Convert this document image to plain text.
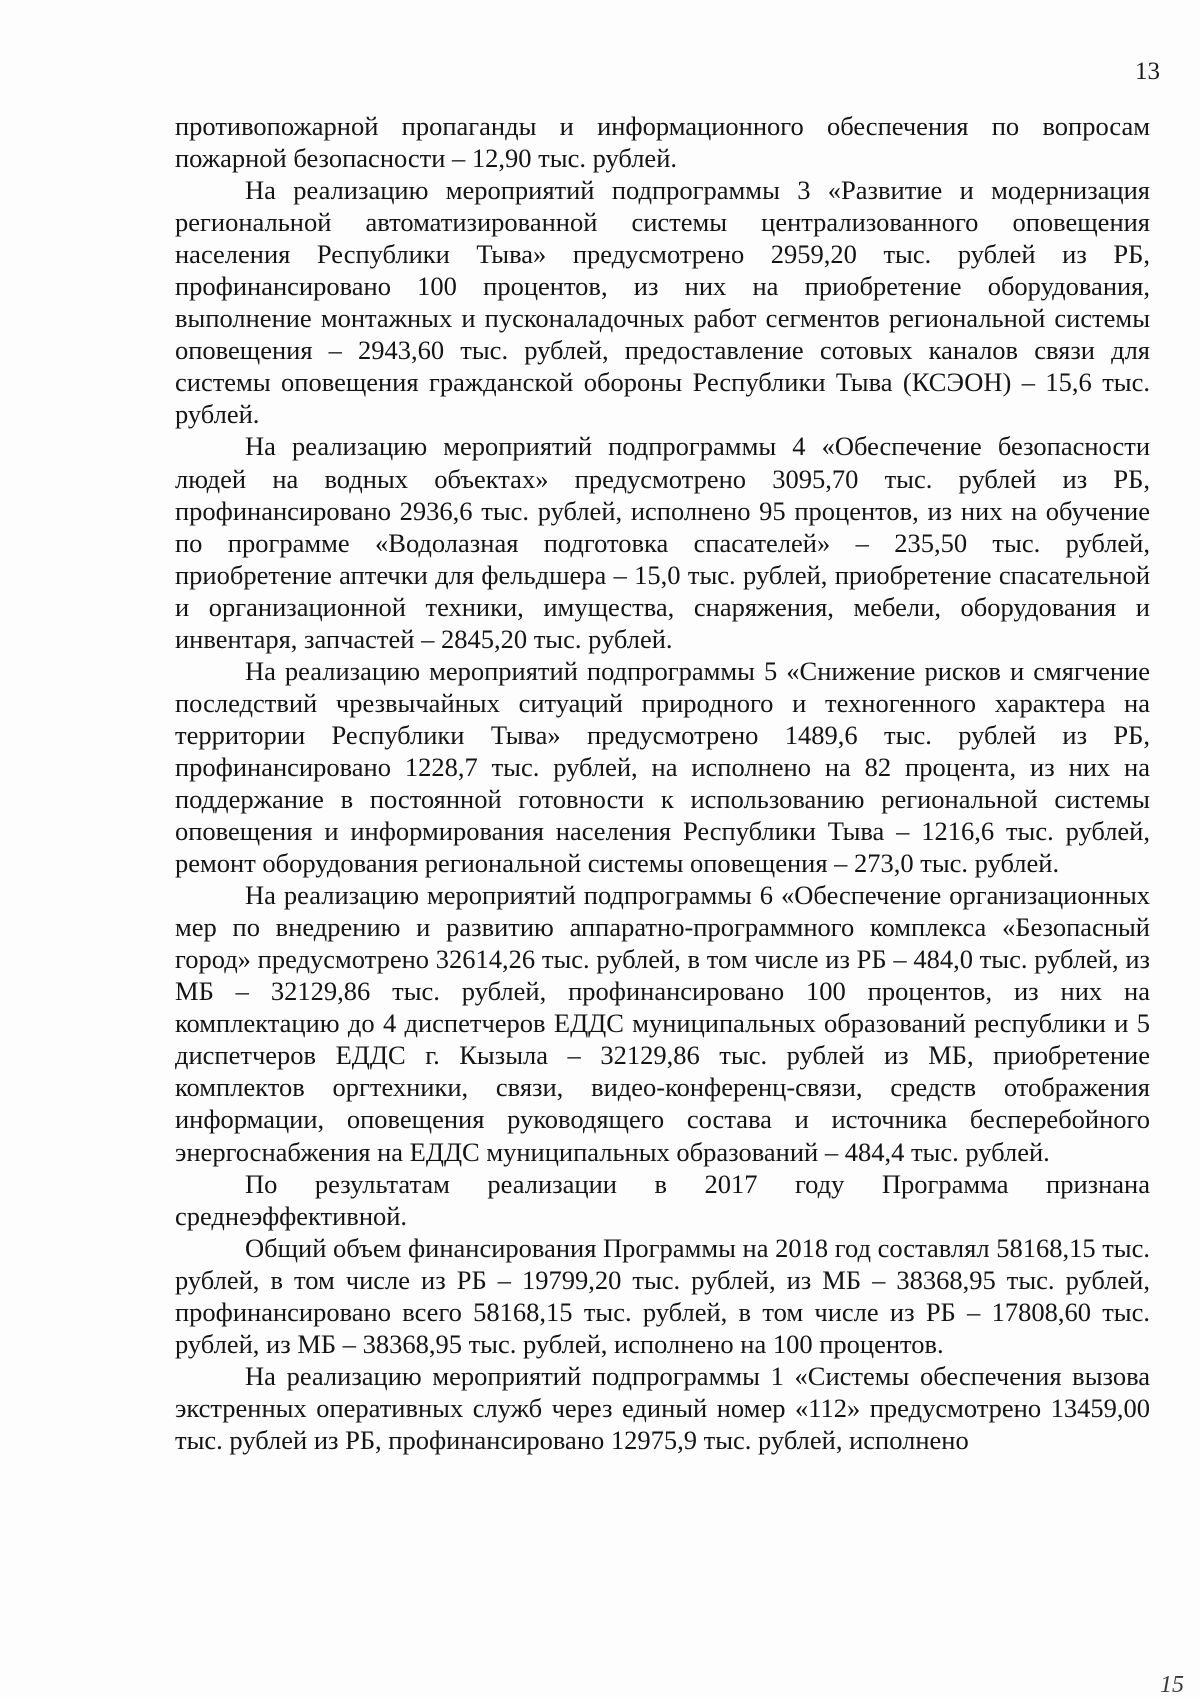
13

противопожарной пропаганды и информационного обеспечения по вопросам пожарной безопасности – 12,90 тыс. рублей.

На реализацию мероприятий подпрограммы 3 «Развитие и модернизация региональной автоматизированной системы централизованного оповещения населения Республики Тыва» предусмотрено 2959,20 тыс. рублей из РБ, профинансировано 100 процентов, из них на приобретение оборудования, выполнение монтажных и пусконаладочных работ сегментов региональной системы оповещения – 2943,60 тыс. рублей, предоставление сотовых каналов связи для системы оповещения гражданской обороны Республики Тыва (КСЭОН) – 15,6 тыс. рублей.

На реализацию мероприятий подпрограммы 4 «Обеспечение безопасности людей на водных объектах» предусмотрено 3095,70 тыс. рублей из РБ, профинансировано 2936,6 тыс. рублей, исполнено 95 процентов, из них на обучение по программе «Водолазная подготовка спасателей» – 235,50 тыс. рублей, приобретение аптечки для фельдшера – 15,0 тыс. рублей, приобретение спасательной и организационной техники, имущества, снаряжения, мебели, оборудования и инвентаря, запчастей – 2845,20 тыс. рублей.

На реализацию мероприятий подпрограммы 5 «Снижение рисков и смягчение последствий чрезвычайных ситуаций природного и техногенного характера на территории Республики Тыва» предусмотрено 1489,6 тыс. рублей из РБ, профинансировано 1228,7 тыс. рублей, на исполнено на 82 процента, из них на поддержание в постоянной готовности к использованию региональной системы оповещения и информирования населения Республики Тыва – 1216,6 тыс. рублей, ремонт оборудования региональной системы оповещения – 273,0 тыс. рублей.

На реализацию мероприятий подпрограммы 6 «Обеспечение организационных мер по внедрению и развитию аппаратно-программного комплекса «Безопасный город» предусмотрено 32614,26 тыс. рублей, в том числе из РБ – 484,0 тыс. рублей, из МБ – 32129,86 тыс. рублей, профинансировано 100 процентов, из них на комплектацию до 4 диспетчеров ЕДДС муниципальных образований республики и 5 диспетчеров ЕДДС г. Кызыла – 32129,86 тыс. рублей из МБ, приобретение комплектов оргтехники, связи, видео-конференц-связи, средств отображения информации, оповещения руководящего состава и источника бесперебойного энергоснабжения на ЕДДС муниципальных образований – 484,4 тыс. рублей.

По результатам реализации в 2017 году Программа признана среднеэффективной.

Общий объем финансирования Программы на 2018 год составлял 58168,15 тыс. рублей, в том числе из РБ – 19799,20 тыс. рублей, из МБ – 38368,95 тыс. рублей, профинансировано всего 58168,15 тыс. рублей, в том числе из РБ – 17808,60 тыс. рублей, из МБ – 38368,95 тыс. рублей, исполнено на 100 процентов.

На реализацию мероприятий подпрограммы 1 «Системы обеспечения вызова экстренных оперативных служб через единый номер «112» предусмотрено 13459,00 тыс. рублей из РБ, профинансировано 12975,9 тыс. рублей, исполнено

15
